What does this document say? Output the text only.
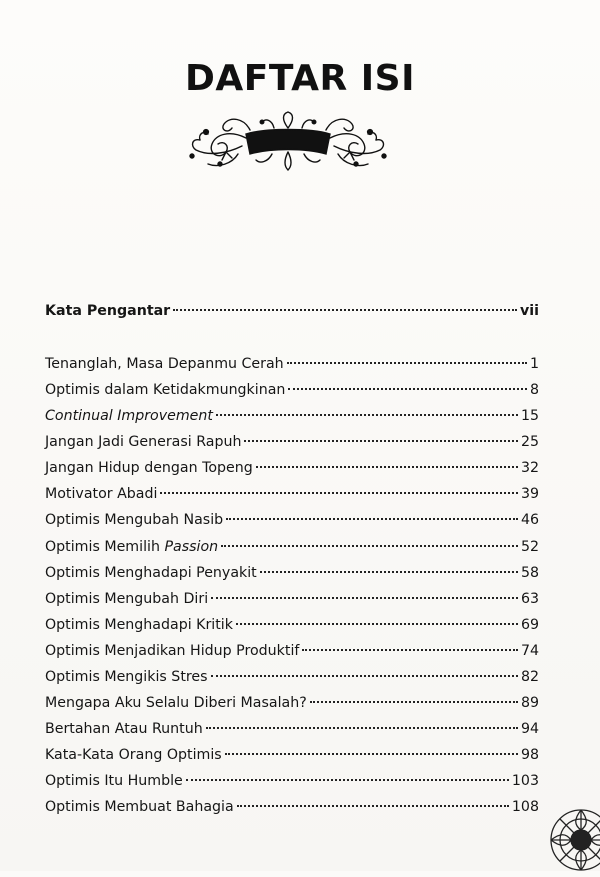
DAFTAR ISI
Kata Pengantar	vii
Tenanglah, Masa Depanmu Cerah	1
Optimis dalam Ketidakmungkinan	8
Continual Improvement	15
Jangan Jadi Generasi Rapuh	25
Jangan Hidup dengan Topeng	32
Motivator Abadi	39
Optimis Mengubah Nasib	46
Optimis Memilih Passion	52
Optimis Menghadapi Penyakit	58
Optimis Mengubah Diri	63
Optimis Menghadapi Kritik	69
Optimis Menjadikan Hidup Produktif	74
Optimis Mengikis Stres	82
Mengapa Aku Selalu Diberi Masalah?	89
Bertahan Atau Runtuh	94
Kata-Kata Orang Optimis	98
Optimis Itu Humble	103
Optimis Membuat Bahagia	108
